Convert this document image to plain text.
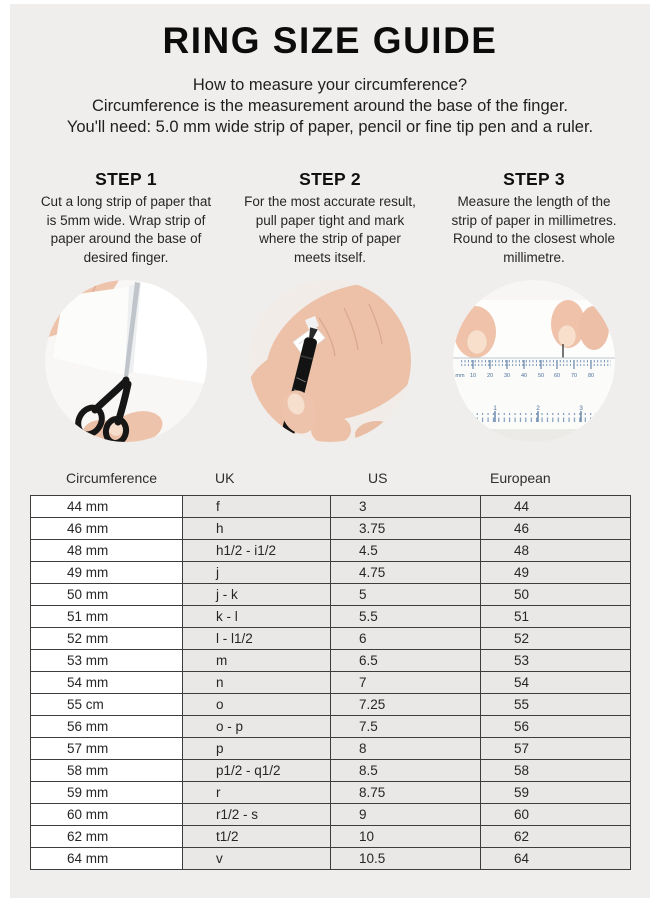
RING SIZE GUIDE
How to measure your circumference?
Circumference is the measurement around the base of the finger.
You'll need: 5.0 mm wide strip of paper, pencil or fine tip pen and a ruler.
STEP 1
Cut a long strip of paper that is 5mm wide. Wrap strip of paper around the base of desired finger.
STEP 2
For the most accurate result, pull paper tight and mark where the strip of paper meets itself.
STEP 3
Measure the length of the strip of paper in millimetres. Round to the closest whole millimetre.
mm 10 20 30 40 50 60 70 80
inch	1	2	3
Circumference	UK	US	European
44 mm	f	3	44
46 mm	h	3.75	46
48 mm	h1/2 - i1/2	4.5	48
49 mm	j	4.75	49
50 mm	j - k	5	50
51 mm	k - l	5.5	51
52 mm	l - l1/2	6	52
53 mm	m	6.5	53
54 mm	n	7	54
55 cm	o	7.25	55
56 mm	o - p	7.5	56
57 mm	p	8	57
58 mm	p1/2 - q1/2	8.5	58
59 mm	r	8.75	59
60 mm	r1/2 - s	9	60
62 mm	t1/2	10	62
64 mm	v	10.5	64
